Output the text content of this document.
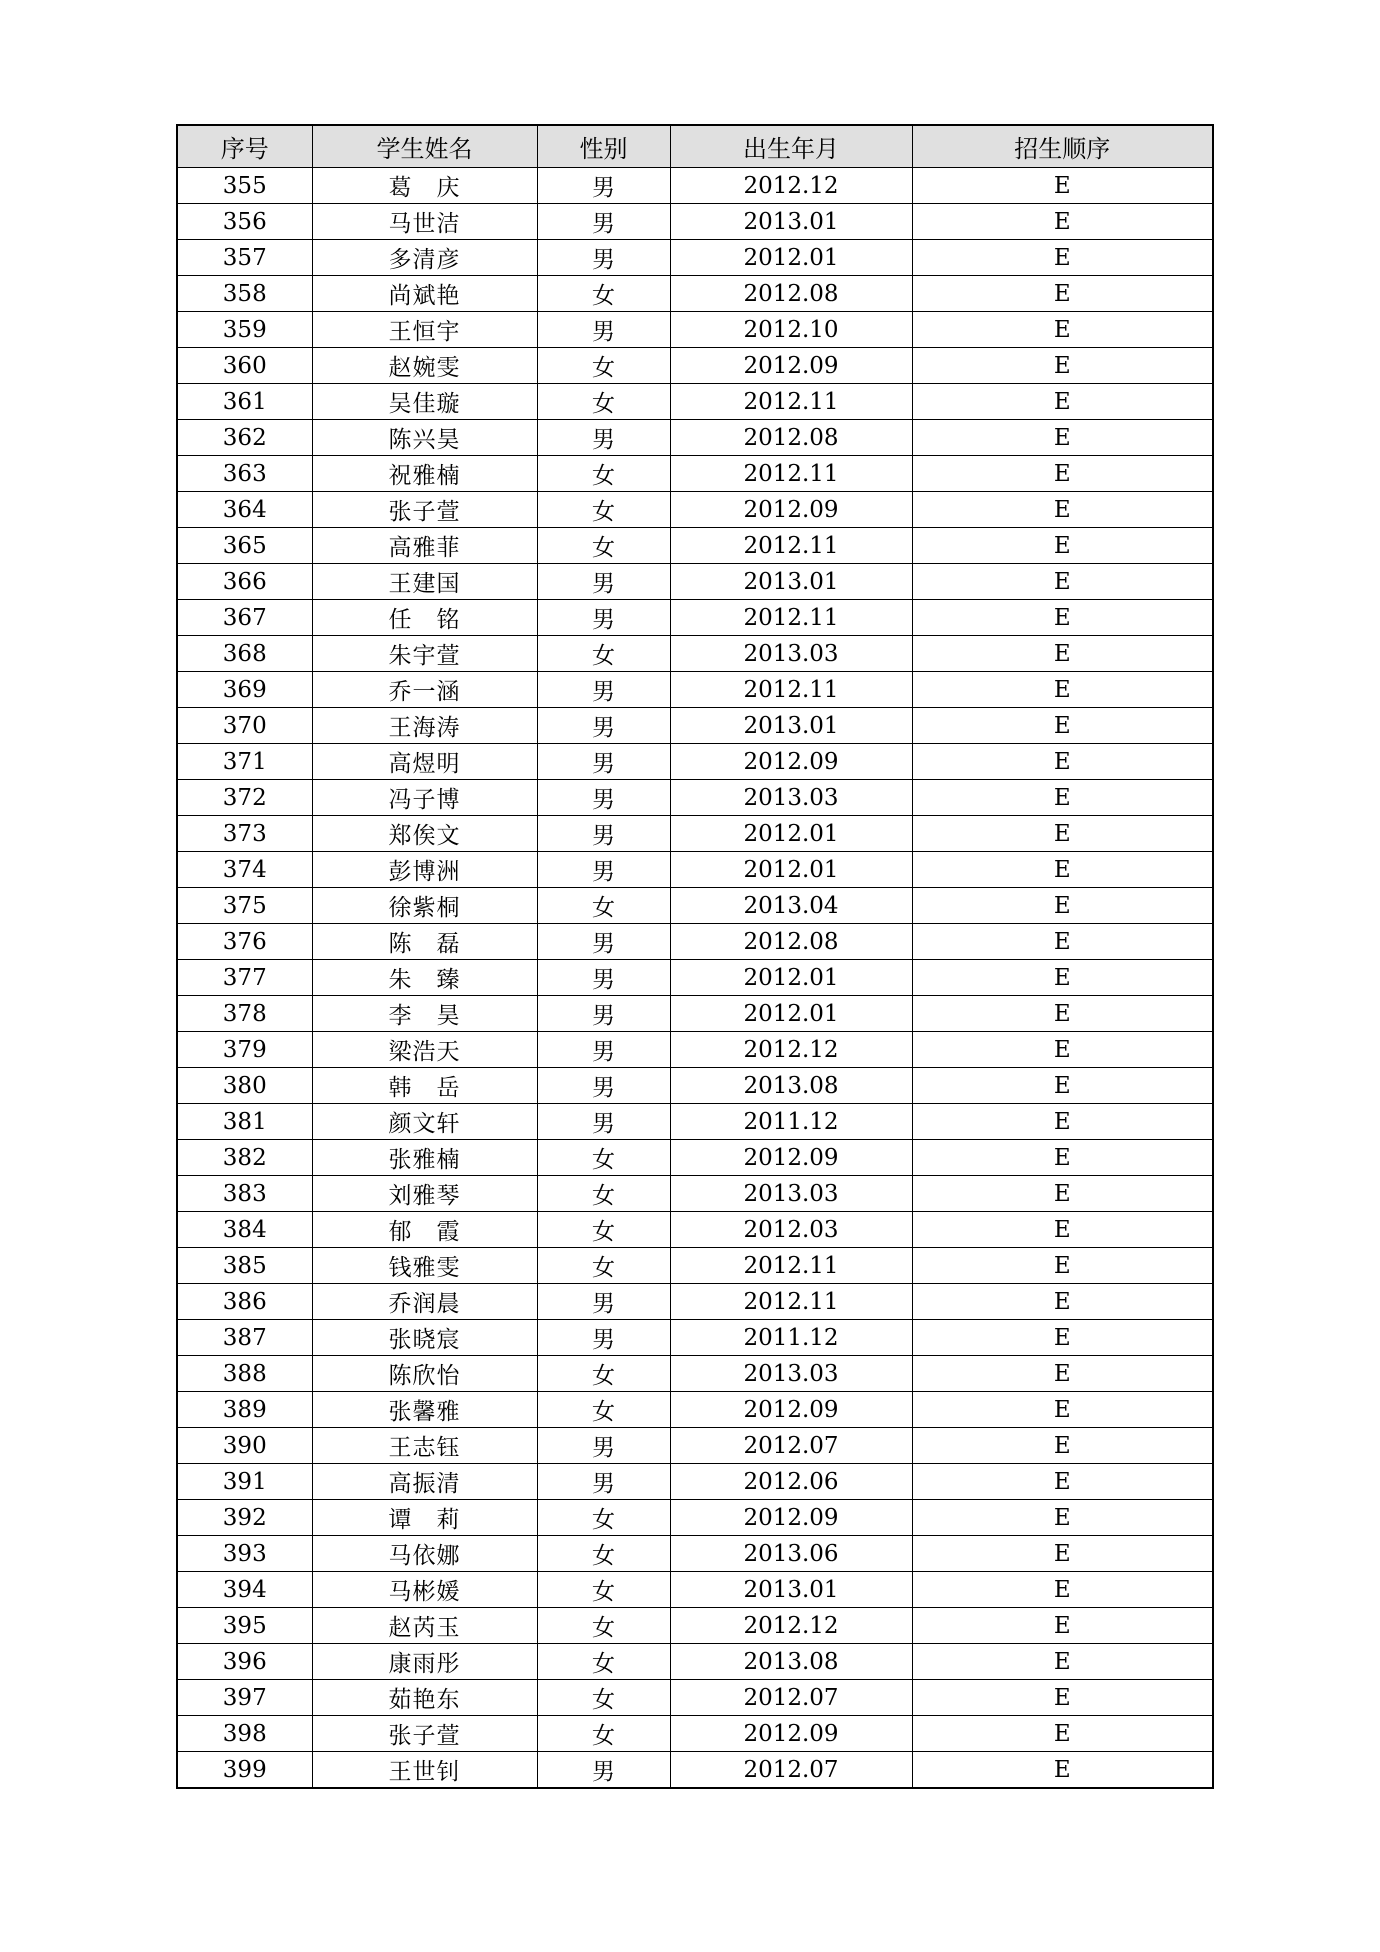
序号	学生姓名	性别	出生年月	招生顺序
355	葛　庆	男	2012.12	E
356	马世洁	男	2013.01	E
357	多清彦	男	2012.01	E
358	尚斌艳	女	2012.08	E
359	王恒宇	男	2012.10	E
360	赵婉雯	女	2012.09	E
361	吴佳璇	女	2012.11	E
362	陈兴昊	男	2012.08	E
363	祝雅楠	女	2012.11	E
364	张子萱	女	2012.09	E
365	高雅菲	女	2012.11	E
366	王建国	男	2013.01	E
367	任　铭	男	2012.11	E
368	朱宇萱	女	2013.03	E
369	乔一涵	男	2012.11	E
370	王海涛	男	2013.01	E
371	高煜明	男	2012.09	E
372	冯子博	男	2013.03	E
373	郑俟文	男	2012.01	E
374	彭博洲	男	2012.01	E
375	徐紫桐	女	2013.04	E
376	陈　磊	男	2012.08	E
377	朱　臻	男	2012.01	E
378	李　昊	男	2012.01	E
379	梁浩天	男	2012.12	E
380	韩　岳	男	2013.08	E
381	颜文轩	男	2011.12	E
382	张雅楠	女	2012.09	E
383	刘雅琴	女	2013.03	E
384	郁　霞	女	2012.03	E
385	钱雅雯	女	2012.11	E
386	乔润晨	男	2012.11	E
387	张晓宸	男	2011.12	E
388	陈欣怡	女	2013.03	E
389	张馨雅	女	2012.09	E
390	王志钰	男	2012.07	E
391	高振清	男	2012.06	E
392	谭　莉	女	2012.09	E
393	马依娜	女	2013.06	E
394	马彬媛	女	2013.01	E
395	赵芮玉	女	2012.12	E
396	康雨彤	女	2013.08	E
397	茹艳东	女	2012.07	E
398	张子萱	女	2012.09	E
399	王世钊	男	2012.07	E
